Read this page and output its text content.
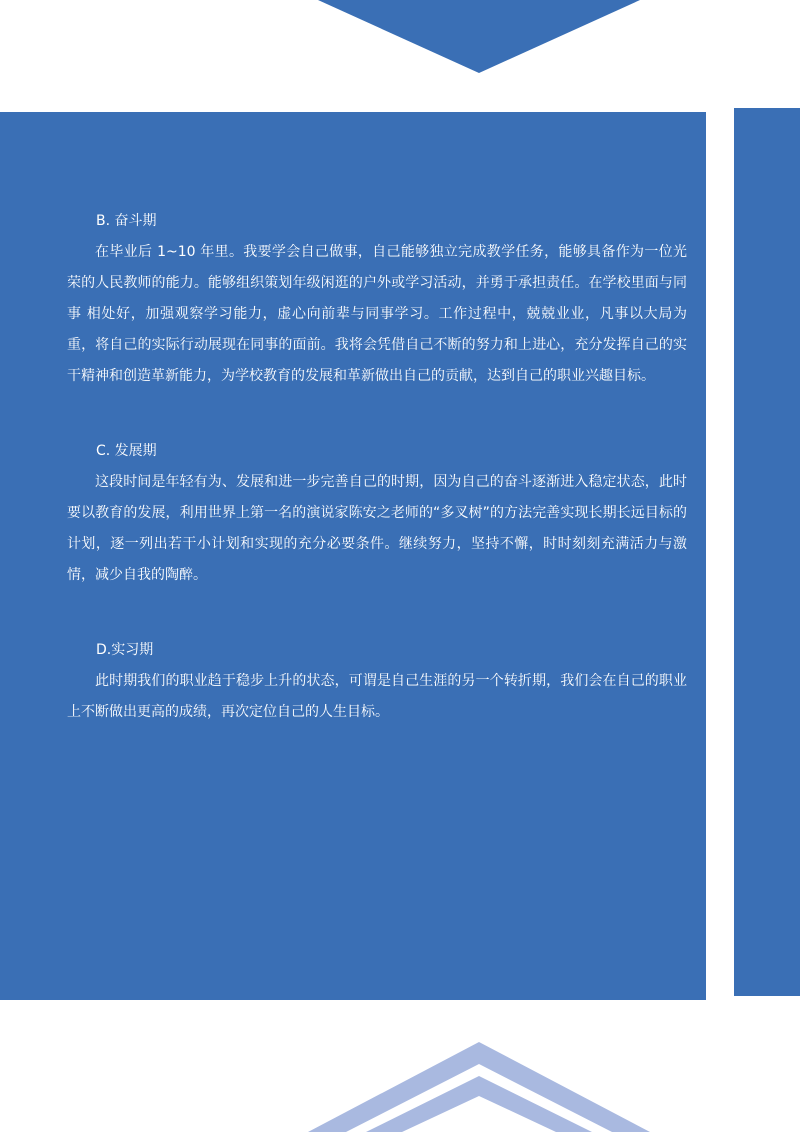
B. 奋斗期

在毕业后 1~10 年里。我要学会自己做事，自己能够独立完成教学任务，能够具备作为一位光荣的人民教师的能力。能够组织策划年级闲逛的户外或学习活动，并勇于承担责任。在学校里面与同事 相处好，加强观察学习能力，虚心向前辈与同事学习。工作过程中，兢兢业业，凡事以大局为重，将自己的实际行动展现在同事的面前。我将会凭借自己不断的努力和上进心，充分发挥自己的实干精神和创造革新能力，为学校教育的发展和革新做出自己的贡献，达到自己的职业兴趣目标。

C. 发展期

这段时间是年轻有为、发展和进一步完善自己的时期，因为自己的奋斗逐渐进入稳定状态，此时要以教育的发展，利用世界上第一名的演说家陈安之老师的“多叉树”的方法完善实现长期长远目标的计划，逐一列出若干小计划和实现的充分必要条件。继续努力，坚持不懈，时时刻刻充满活力与激情，减少自我的陶醉。

D.实习期

此时期我们的职业趋于稳步上升的状态，可谓是自己生涯的另一个转折期，我们会在自己的职业上不断做出更高的成绩，再次定位自己的人生目标。
